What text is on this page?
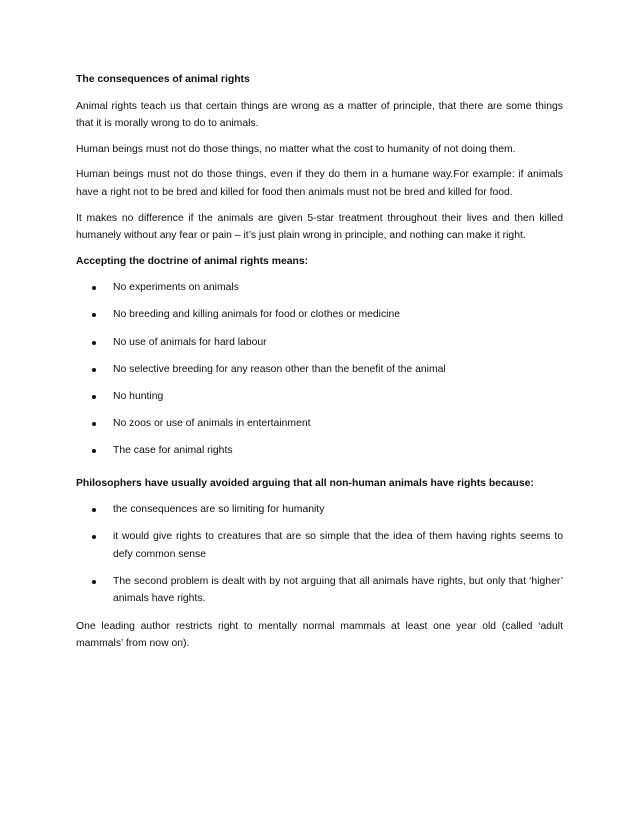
The consequences of animal rights

Animal rights teach us that certain things are wrong as a matter of principle, that there are some things that it is morally wrong to do to animals.

Human beings must not do those things, no matter what the cost to humanity of not doing them.

Human beings must not do those things, even if they do them in a humane way.For example: if animals have a right not to be bred and killed for food then animals must not be bred and killed for food.

It makes no difference if the animals are given 5-star treatment throughout their lives and then killed humanely without any fear or pain – it’s just plain wrong in principle, and nothing can make it right.

Accepting the doctrine of animal rights means:
No experiments on animals
No breeding and killing animals for food or clothes or medicine
No use of animals for hard labour
No selective breeding for any reason other than the benefit of the animal
No hunting
No zoos or use of animals in entertainment
The case for animal rights
Philosophers have usually avoided arguing that all non-human animals have rights because:
the consequences are so limiting for humanity
it would give rights to creatures that are so simple that the idea of them having rights seems to defy common sense
The second problem is dealt with by not arguing that all animals have rights, but only that ‘higher’ animals have rights.

One leading author restricts right to mentally normal mammals at least one year old (called ‘adult mammals’ from now on).
